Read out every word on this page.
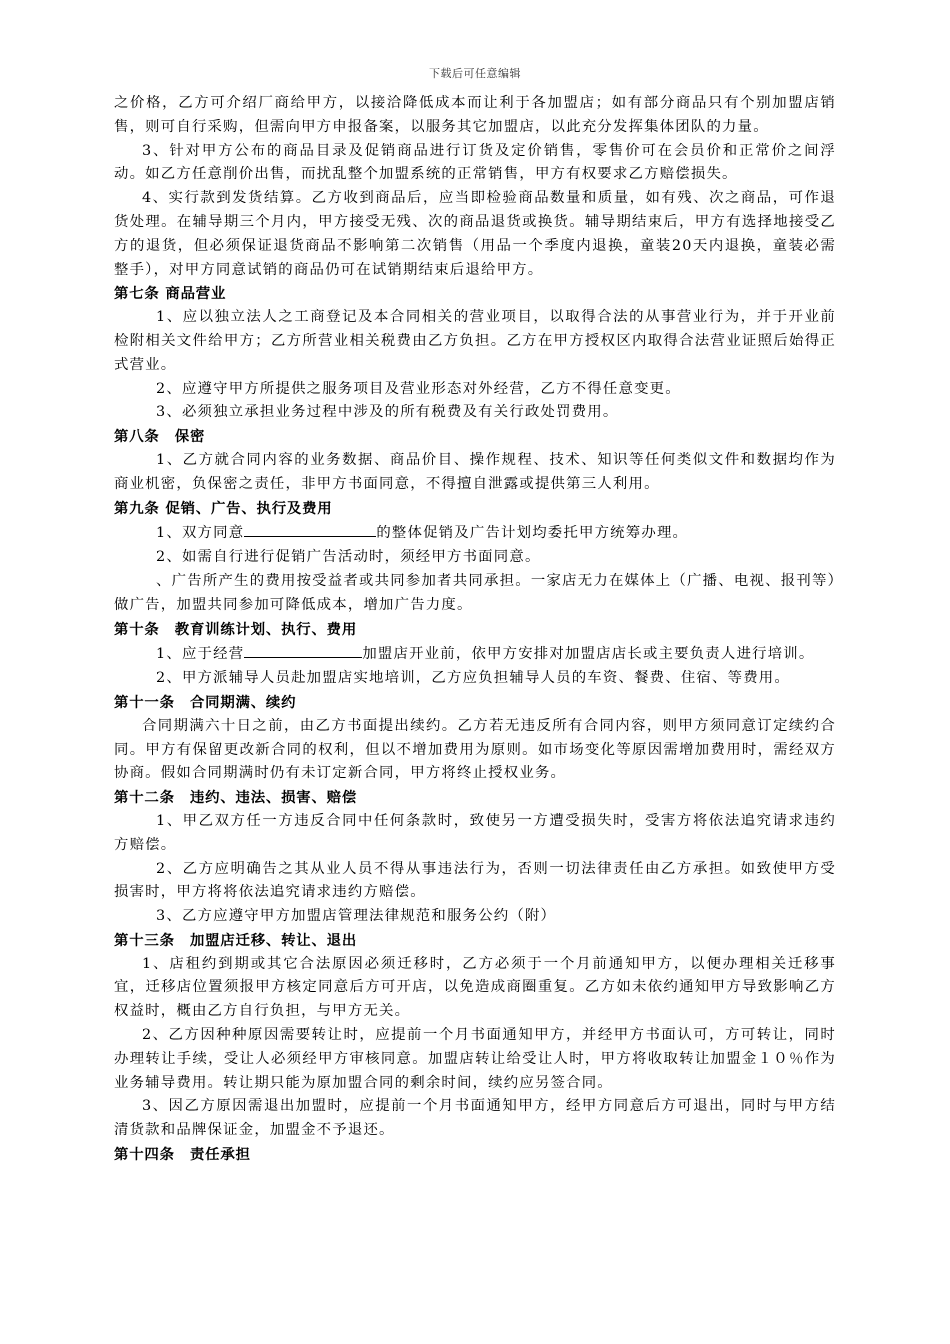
下载后可任意编辑

之价格，乙方可介绍厂商给甲方，以接洽降低成本而让利于各加盟店；如有部分商品只有个别加盟店销售，则可自行采购，但需向甲方申报备案，以服务其它加盟店，以此充分发挥集体团队的力量。

3、针对甲方公布的商品目录及促销商品进行订货及定价销售，零售价可在会员价和正常价之间浮动。如乙方任意削价出售，而扰乱整个加盟系统的正常销售，甲方有权要求乙方赔偿损失。

4、实行款到发货结算。乙方收到商品后，应当即检验商品数量和质量，如有残、次之商品，可作退货处理。在辅导期三个月内，甲方接受无残、次的商品退货或换货。辅导期结束后，甲方有选择地接受乙方的退货，但必须保证退货商品不影响第二次销售（用品一个季度内退换，童装20天内退换，童装必需整手），对甲方同意试销的商品仍可在试销期结束后退给甲方。

第七条 商品营业

1、应以独立法人之工商登记及本合同相关的营业项目，以取得合法的从事营业行为，并于开业前检附相关文件给甲方；乙方所营业相关税费由乙方负担。乙方在甲方授权区内取得合法营业证照后始得正式营业。

2、应遵守甲方所提供之服务项目及营业形态对外经营，乙方不得任意变更。

3、必须独立承担业务过程中涉及的所有税费及有关行政处罚费用。

第八条　保密

1、乙方就合同内容的业务数据、商品价目、操作规程、技术、知识等任何类似文件和数据均作为商业机密，负保密之责任，非甲方书面同意，不得擅自泄露或提供第三人利用。

第九条 促销、广告、执行及费用

1、双方同意	的整体促销及广告计划均委托甲方统筹办理。

2、如需自行进行促销广告活动时，须经甲方书面同意。

、广告所产生的费用按受益者或共同参加者共同承担。一家店无力在媒体上（广播、电视、报刊等）做广告，加盟共同参加可降低成本，增加广告力度。

第十条　教育训练计划、执行、费用

1、应于经营	加盟店开业前，依甲方安排对加盟店店长或主要负责人进行培训。

2、甲方派辅导人员赴加盟店实地培训，乙方应负担辅导人员的车资、餐费、住宿、等费用。

第十一条　合同期满、续约

合同期满六十日之前，由乙方书面提出续约。乙方若无违反所有合同内容，则甲方须同意订定续约合同。甲方有保留更改新合同的权利，但以不增加费用为原则。如市场变化等原因需增加费用时，需经双方协商。假如合同期满时仍有未订定新合同，甲方将终止授权业务。

第十二条　违约、违法、损害、赔偿

1、甲乙双方任一方违反合同中任何条款时，致使另一方遭受损失时，受害方将依法追究请求违约方赔偿。

2、乙方应明确告之其从业人员不得从事违法行为，否则一切法律责任由乙方承担。如致使甲方受损害时，甲方将将依法追究请求违约方赔偿。

3、乙方应遵守甲方加盟店管理法律规范和服务公约（附）

第十三条　加盟店迁移、转让、退出

1、店租约到期或其它合法原因必须迁移时，乙方必须于一个月前通知甲方，以便办理相关迁移事宜，迁移店位置须报甲方核定同意后方可开店，以免造成商圈重复。乙方如未依约通知甲方导致影响乙方权益时，概由乙方自行负担，与甲方无关。

2、乙方因种种原因需要转让时，应提前一个月书面通知甲方，并经甲方书面认可，方可转让，同时办理转让手续，受让人必须经甲方审核同意。加盟店转让给受让人时，甲方将收取转让加盟金１０％作为业务辅导费用。转让期只能为原加盟合同的剩余时间，续约应另签合同。

3、因乙方原因需退出加盟时，应提前一个月书面通知甲方，经甲方同意后方可退出，同时与甲方结清货款和品牌保证金，加盟金不予退还。

第十四条　责任承担
